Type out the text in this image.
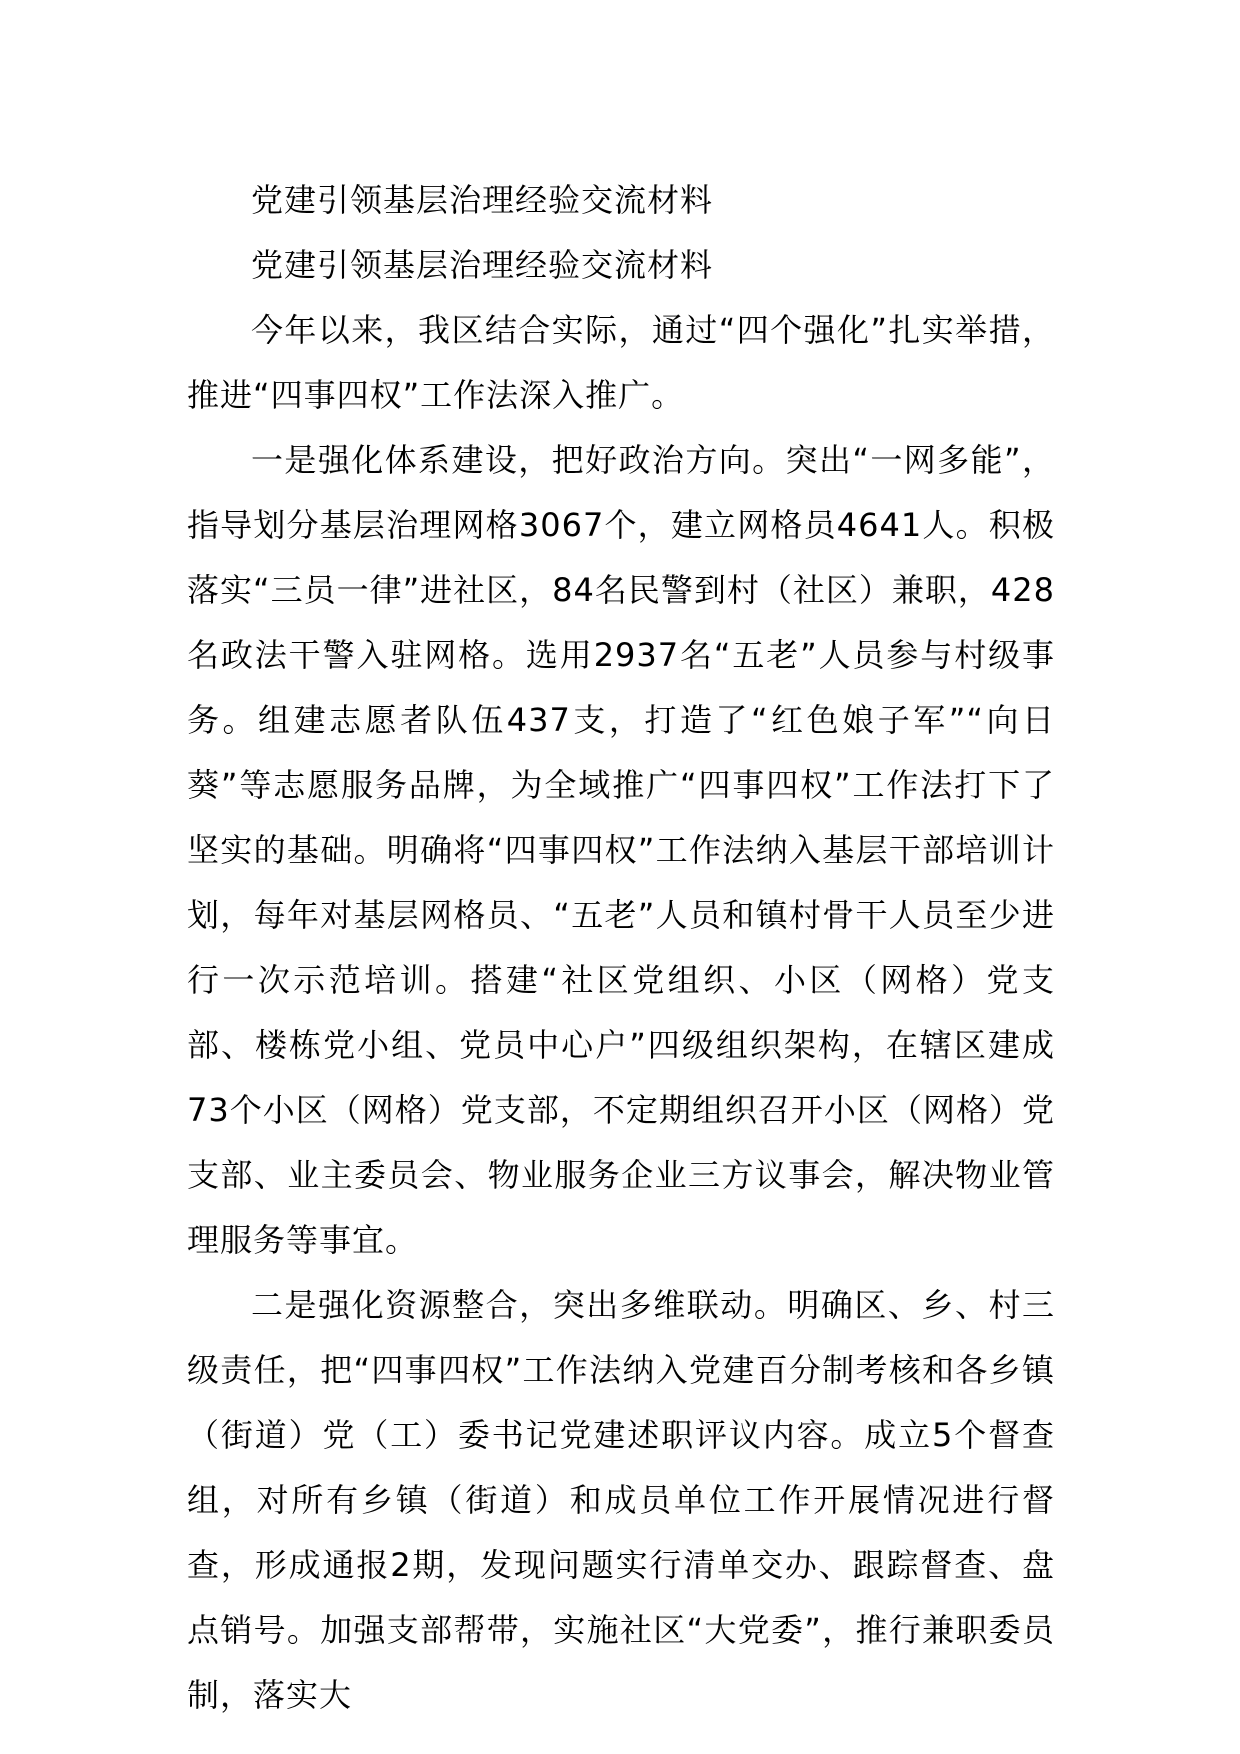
党建引领基层治理经验交流材料
党建引领基层治理经验交流材料

今年以来，我区结合实际，通过“四个强化”扎实举措，推进“四事四权”工作法深入推广。

一是强化体系建设，把好政治方向。突出“一网多能”，指导划分基层治理网格3067个，建立网格员4641人。积极落实“三员一律”进社区，84名民警到村（社区）兼职，428名政法干警入驻网格。选用2937名“五老”人员参与村级事务。组建志愿者队伍437支，打造了“红色娘子军”“向日葵”等志愿服务品牌，为全域推广“四事四权”工作法打下了坚实的基础。明确将“四事四权”工作法纳入基层干部培训计划，每年对基层网格员、“五老”人员和镇村骨干人员至少进行一次示范培训。搭建“社区党组织、小区（网格）党支部、楼栋党小组、党员中心户”四级组织架构，在辖区建成73个小区（网格）党支部，不定期组织召开小区（网格）党支部、业主委员会、物业服务企业三方议事会，解决物业管理服务等事宜。

二是强化资源整合，突出多维联动。明确区、乡、村三级责任，把“四事四权”工作法纳入党建百分制考核和各乡镇（街道）党（工）委书记党建述职评议内容。成立5个督查组，对所有乡镇（街道）和成员单位工作开展情况进行督查，形成通报2期，发现问题实行清单交办、跟踪督查、盘点销号。加强支部帮带，实施社区“大党委”，推行兼职委员制，落实大
